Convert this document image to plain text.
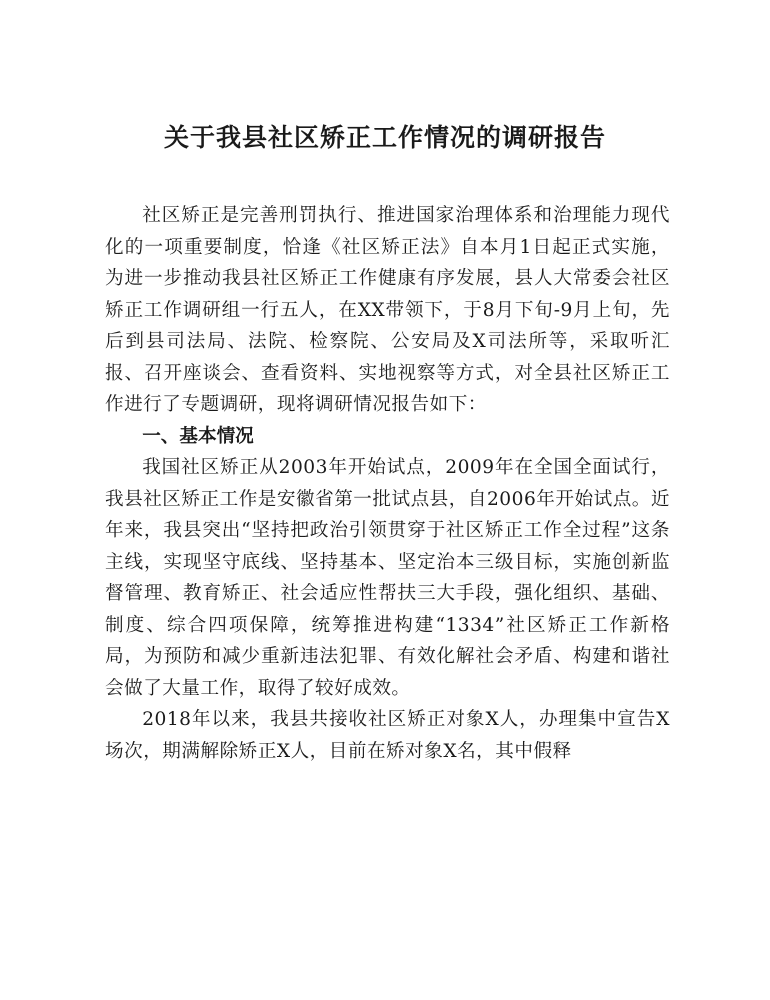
关于我县社区矫正工作情况的调研报告

社区矫正是完善刑罚执行、推进国家治理体系和治理能力现代化的一项重要制度，恰逢《社区矫正法》自本月1日起正式实施，为进一步推动我县社区矫正工作健康有序发展，县人大常委会社区矫正工作调研组一行五人，在XX带领下，于8月下旬-9月上旬，先后到县司法局、法院、检察院、公安局及X司法所等，采取听汇报、召开座谈会、查看资料、实地视察等方式，对全县社区矫正工作进行了专题调研，现将调研情况报告如下：

一、基本情况

我国社区矫正从2003年开始试点，2009年在全国全面试行，我县社区矫正工作是安徽省第一批试点县，自2006年开始试点。近年来，我县突出“坚持把政治引领贯穿于社区矫正工作全过程”这条主线，实现坚守底线、坚持基本、坚定治本三级目标，实施创新监督管理、教育矫正、社会适应性帮扶三大手段，强化组织、基础、制度、综合四项保障，统筹推进构建“1334”社区矫正工作新格局，为预防和减少重新违法犯罪、有效化解社会矛盾、构建和谐社会做了大量工作，取得了较好成效。

2018年以来，我县共接收社区矫正对象X人，办理集中宣告X场次，期满解除矫正X人，目前在矫对象X名，其中假释
